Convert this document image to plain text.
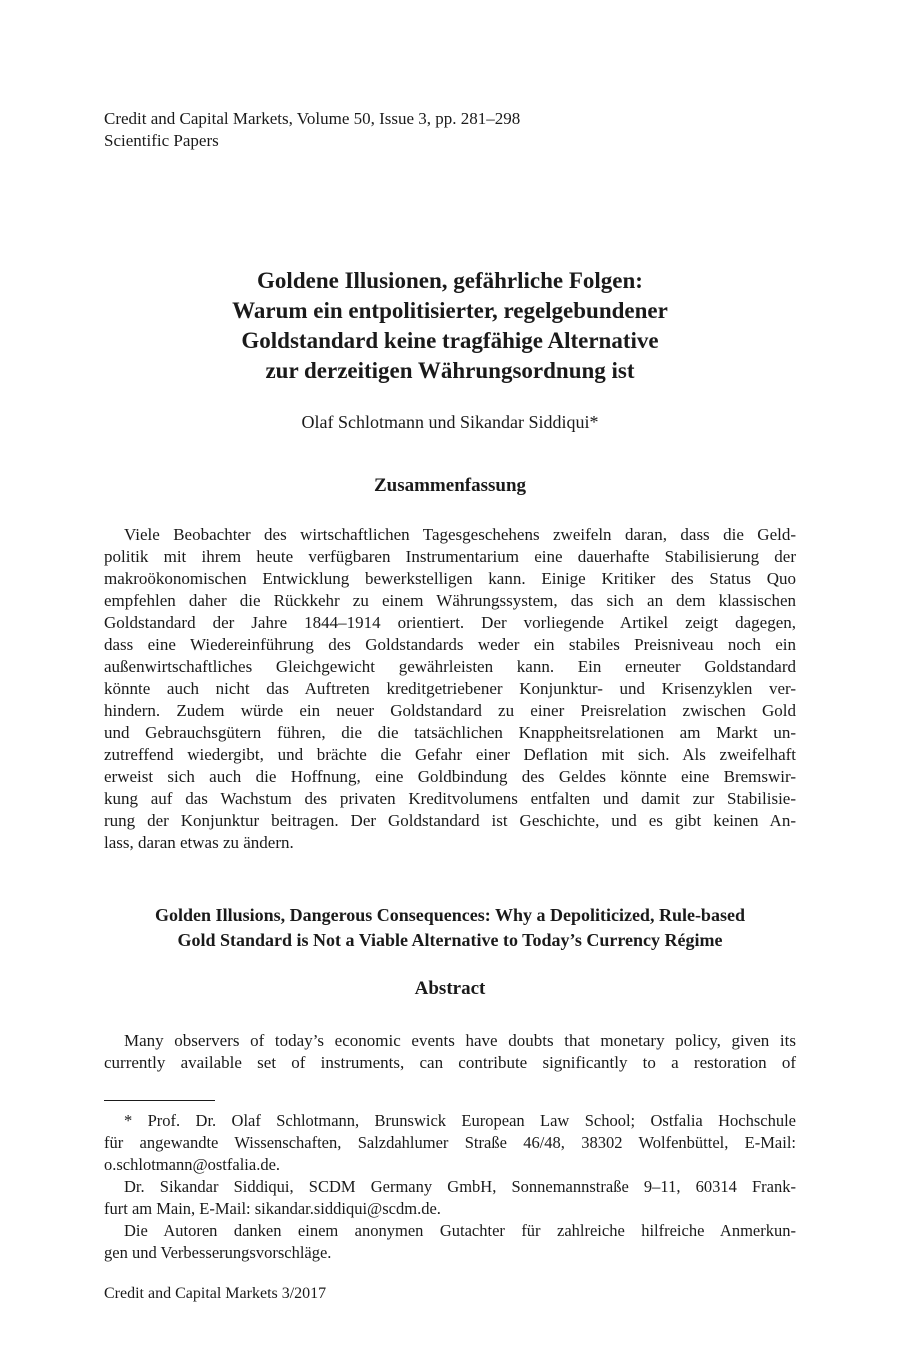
Credit and Capital Markets, Volume 50, Issue 3, pp. 281–298
Scientific Papers
Goldene Illusionen, gefährliche Folgen:
Warum ein entpolitisierter, regelgebundener
Goldstandard keine tragfähige Alternative
zur derzeitigen Währungsordnung ist
Olaf Schlotmann und Sikandar Siddiqui*
Zusammenfassung

Viele Beobachter des wirtschaftlichen Tagesgeschehens zweifeln daran, dass die Geld-
politik mit ihrem heute verfügbaren Instrumentarium eine dauerhafte Stabilisierung der
makroökonomischen Entwicklung bewerkstelligen kann. Einige Kritiker des Status Quo
empfehlen daher die Rückkehr zu einem Währungssystem, das sich an dem klassischen
Goldstandard der Jahre 1844–1914 orientiert. Der vorliegende Artikel zeigt dagegen,
dass eine Wiedereinführung des Goldstandards weder ein stabiles Preisniveau noch ein
außenwirtschaftliches Gleichgewicht gewährleisten kann. Ein erneuter Goldstandard
könnte auch nicht das Auftreten kreditgetriebener Konjunktur- und Krisenzyklen ver-
hindern. Zudem würde ein neuer Goldstandard zu einer Preisrelation zwischen Gold
und Gebrauchsgütern führen, die die tatsächlichen Knappheitsrelationen am Markt un-
zutreffend wiedergibt, und brächte die Gefahr einer Deflation mit sich. Als zweifelhaft
erweist sich auch die Hoffnung, eine Goldbindung des Geldes könnte eine Bremswir-
kung auf das Wachstum des privaten Kreditvolumens entfalten und damit zur Stabilisie-
rung der Konjunktur beitragen. Der Goldstandard ist Geschichte, und es gibt keinen An-
lass, daran etwas zu ändern.

Golden Illusions, Dangerous Consequences: Why a Depoliticized, Rule-based
Gold Standard is Not a Viable Alternative to Today’s Currency Régime
Abstract

Many observers of today’s economic events have doubts that monetary policy, given its
currently available set of instruments, can contribute significantly to a restoration of

* Prof. Dr. Olaf Schlotmann, Brunswick European Law School; Ostfalia Hochschule
für angewandte Wissenschaften, Salzdahlumer Straße 46/48, 38302 Wolfenbüttel, E-Mail:
o.schlotmann@ostfalia.de.

Dr. Sikandar Siddiqui, SCDM Germany GmbH, Sonnemannstraße 9–11, 60314 Frank-
furt am Main, E-Mail: sikandar.siddiqui@scdm.de.

Die Autoren danken einem anonymen Gutachter für zahlreiche hilfreiche Anmerkun-
gen und Verbesserungsvorschläge.

Credit and Capital Markets 3/2017
